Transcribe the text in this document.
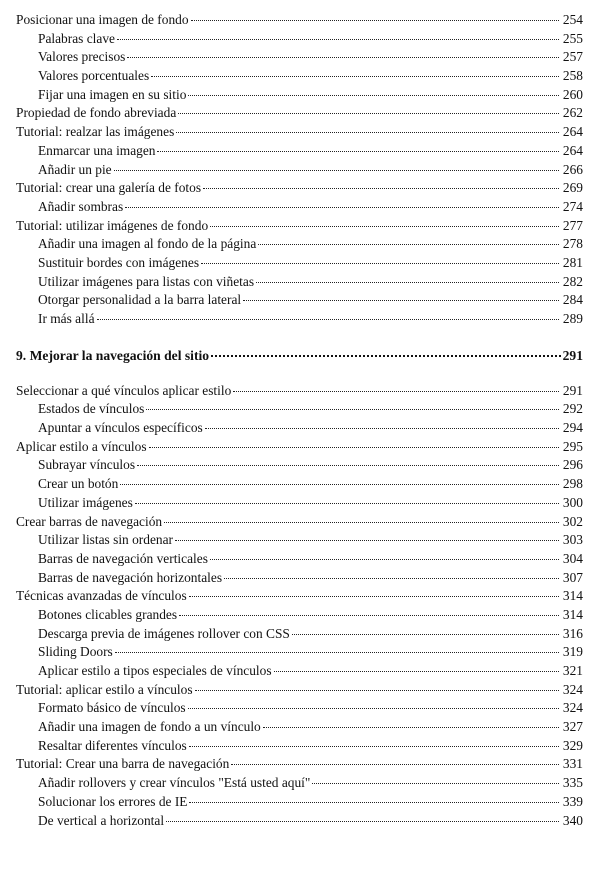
Posicionar una imagen de fondo	254
Palabras clave	255
Valores precisos	257
Valores porcentuales	258
Fijar una imagen en su sitio	260
Propiedad de fondo abreviada	262
Tutorial: realzar las imágenes	264
Enmarcar una imagen	264
Añadir un pie	266
Tutorial: crear una galería de fotos	269
Añadir sombras	274
Tutorial: utilizar imágenes de fondo	277
Añadir una imagen al fondo de la página	278
Sustituir bordes con imágenes	281
Utilizar imágenes para listas con viñetas	282
Otorgar personalidad a la barra lateral	284
Ir más allá	289
9. Mejorar la navegación del sitio	291
Seleccionar a qué vínculos aplicar estilo	291
Estados de vínculos	292
Apuntar a vínculos específicos	294
Aplicar estilo a vínculos	295
Subrayar vínculos	296
Crear un botón	298
Utilizar imágenes	300
Crear barras de navegación	302
Utilizar listas sin ordenar	303
Barras de navegación verticales	304
Barras de navegación horizontales	307
Técnicas avanzadas de vínculos	314
Botones clicables grandes	314
Descarga previa de imágenes rollover con CSS	316
Sliding Doors	319
Aplicar estilo a tipos especiales de vínculos	321
Tutorial: aplicar estilo a vínculos	324
Formato básico de vínculos	324
Añadir una imagen de fondo a un vínculo	327
Resaltar diferentes vínculos	329
Tutorial: Crear una barra de navegación	331
Añadir rollovers y crear vínculos "Está usted aquí"	335
Solucionar los errores de IE	339
De vertical a horizontal	340
